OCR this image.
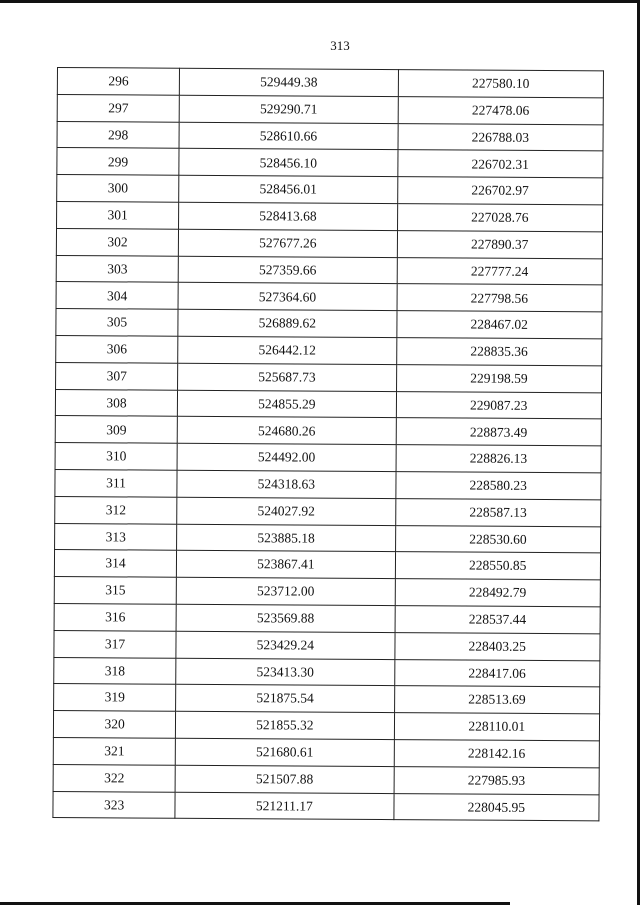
313
296	529449.38	227580.10
297	529290.71	227478.06
298	528610.66	226788.03
299	528456.10	226702.31
300	528456.01	226702.97
301	528413.68	227028.76
302	527677.26	227890.37
303	527359.66	227777.24
304	527364.60	227798.56
305	526889.62	228467.02
306	526442.12	228835.36
307	525687.73	229198.59
308	524855.29	229087.23
309	524680.26	228873.49
310	524492.00	228826.13
311	524318.63	228580.23
312	524027.92	228587.13
313	523885.18	228530.60
314	523867.41	228550.85
315	523712.00	228492.79
316	523569.88	228537.44
317	523429.24	228403.25
318	523413.30	228417.06
319	521875.54	228513.69
320	521855.32	228110.01
321	521680.61	228142.16
322	521507.88	227985.93
323	521211.17	228045.95
